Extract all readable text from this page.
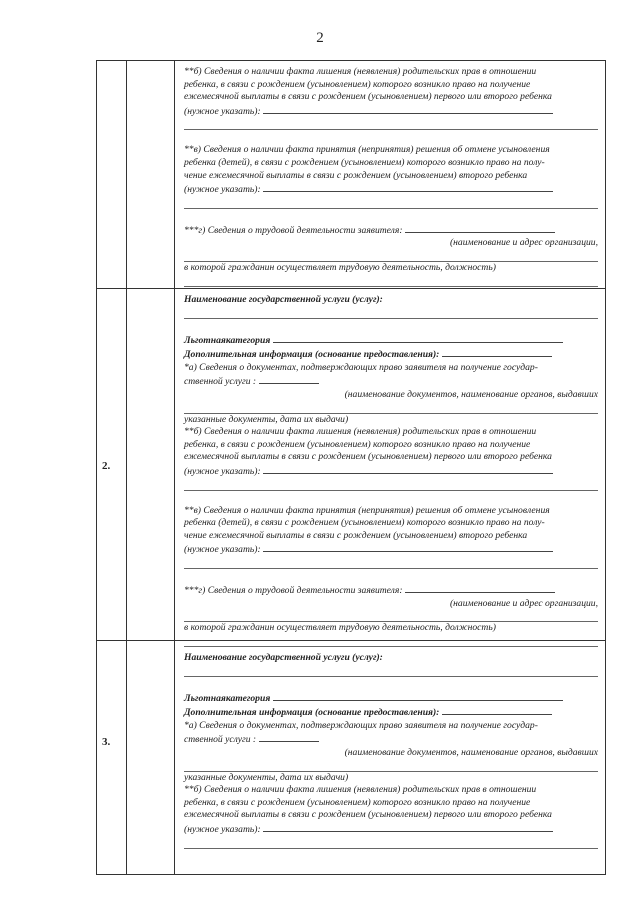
2
2.
3.

**б) Сведения о наличии факта лишения (неявления) родительских прав в отношении

ребенка, в связи с рождением (усыновлением) которого возникло право на получение

ежемесячной выплаты в связи с рождением (усыновлением) первого или второго ребенка

(нужное указать):

**в) Сведения о наличии факта принятия (непринятия) решения об отмене усыновления

ребенка (детей), в связи с рождением (усыновлением) которого возникло право на полу-

чение ежемесячной выплаты в связи с рождением (усыновлением) второго ребенка

(нужное указать):

***г) Сведения о трудовой деятельности заявителя:

(наименование и адрес организации,

в которой гражданин осуществляет трудовую деятельность, должность)

Наименование государственной услуги (услуг):

Льготнаякатегория

Дополнительная информация (основание предоставления):

*а) Сведения о документах, подтверждающих право заявителя на получение государ-

ственной услуги :

(наименование документов, наименование органов, выдавших

указанные документы, дата их выдачи)

**б) Сведения о наличии факта лишения (неявления) родительских прав в отношении

ребенка, в связи с рождением (усыновлением) которого возникло право на получение

ежемесячной выплаты в связи с рождением (усыновлением) первого или второго ребенка

(нужное указать):

**в) Сведения о наличии факта принятия (непринятия) решения об отмене усыновления

ребенка (детей), в связи с рождением (усыновлением) которого возникло право на полу-

чение ежемесячной выплаты в связи с рождением (усыновлением) второго ребенка

(нужное указать):

***г) Сведения о трудовой деятельности заявителя:

(наименование и адрес организации,

в которой гражданин осуществляет трудовую деятельность, должность)

Наименование государственной услуги (услуг):

Льготнаякатегория

Дополнительная информация (основание предоставления):

*а) Сведения о документах, подтверждающих право заявителя на получение государ-

ственной услуги :

(наименование документов, наименование органов, выдавших

указанные документы, дата их выдачи)

**б) Сведения о наличии факта лишения (неявления) родительских прав в отношении

ребенка, в связи с рождением (усыновлением) которого возникло право на получение

ежемесячной выплаты в связи с рождением (усыновлением) первого или второго ребенка

(нужное указать):
